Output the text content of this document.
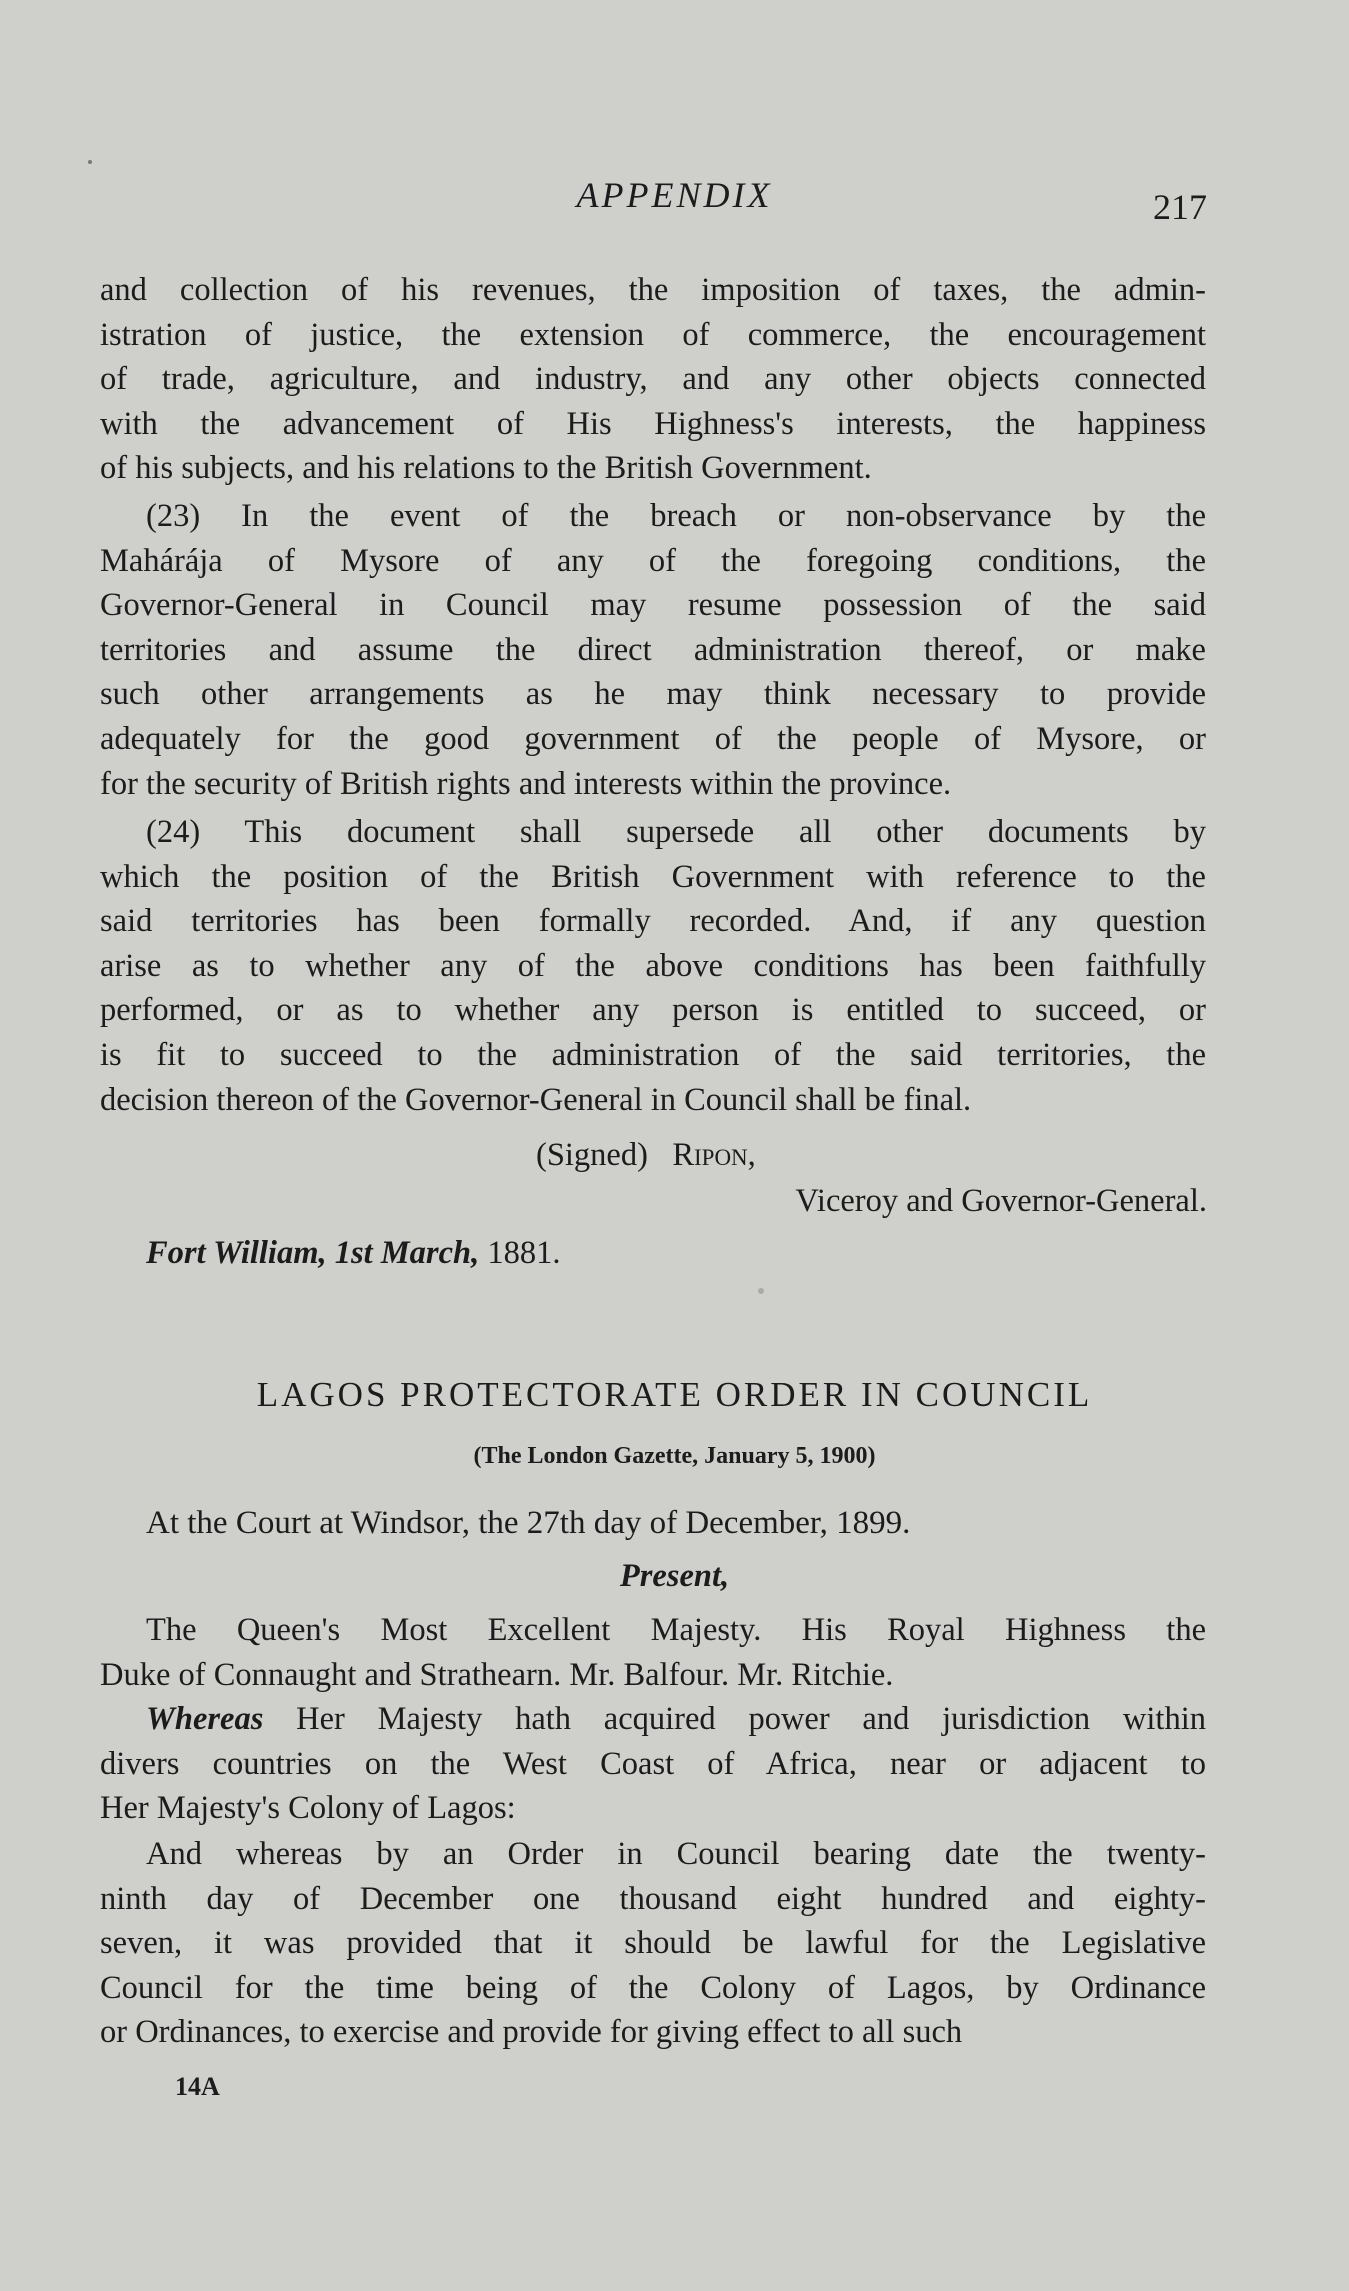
APPENDIX	217

and collection of his revenues, the imposition of taxes, the admin-

istration of justice, the extension of commerce, the encouragement

of trade, agriculture, and industry, and any other objects connected

with the advancement of His Highness's interests, the happiness

of his subjects, and his relations to the British Government.

(23) In the event of the breach or non-observance by the

Mahárája of Mysore of any of the foregoing conditions, the

Governor-General in Council may resume possession of the said

territories and assume the direct administration thereof, or make

such other arrangements as he may think necessary to provide

adequately for the good government of the people of Mysore, or

for the security of British rights and interests within the province.

(24) This document shall supersede all other documents by

which the position of the British Government with reference to the

said territories has been formally recorded. And, if any question

arise as to whether any of the above conditions has been faithfully

performed, or as to whether any person is entitled to succeed, or

is fit to succeed to the administration of the said territories, the

decision thereon of the Governor-General in Council shall be final.

(Signed) Ripon,
Viceroy and Governor-General.
Fort William, 1st March, 1881.
LAGOS PROTECTORATE ORDER IN COUNCIL
(The London Gazette, January 5, 1900)
At the Court at Windsor, the 27th day of December, 1899.
Present,

The Queen's Most Excellent Majesty. His Royal Highness the

Duke of Connaught and Strathearn. Mr. Balfour. Mr. Ritchie.

Whereas Her Majesty hath acquired power and jurisdiction within

divers countries on the West Coast of Africa, near or adjacent to

Her Majesty's Colony of Lagos:

And whereas by an Order in Council bearing date the twenty-

ninth day of December one thousand eight hundred and eighty-

seven, it was provided that it should be lawful for the Legislative

Council for the time being of the Colony of Lagos, by Ordinance

or Ordinances, to exercise and provide for giving effect to all such

14A
